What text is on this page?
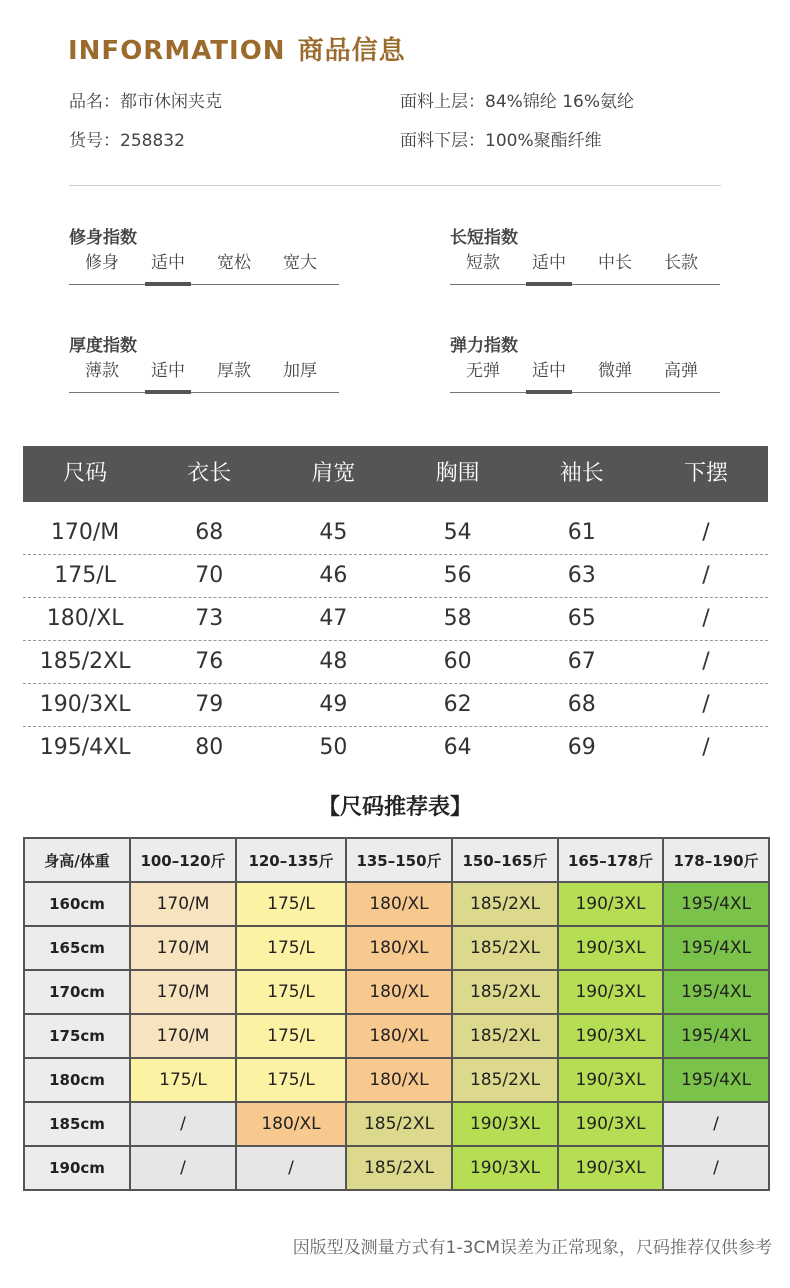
INFORMATION 商品信息
品名：都市休闲夹克	面料上层：84%锦纶 16%氨纶
货号：258832	面料下层：100%聚酯纤维
修身指数
修身	适中	宽松	宽大
长短指数
短款	适中	中长	长款
厚度指数
薄款	适中	厚款	加厚
弹力指数
无弹	适中	微弹	高弹
尺码	衣长	肩宽	胸围	袖长	下摆
170/M	68	45	54	61	/
175/L	70	46	56	63	/
180/XL	73	47	58	65	/
185/2XL	76	48	60	67	/
190/3XL	79	49	62	68	/
195/4XL	80	50	64	69	/
【尺码推荐表】
身高/体重	100–120斤	120–135斤	135–150斤	150–165斤	165–178斤	178–190斤
160cm	170/M	175/L	180/XL	185/2XL	190/3XL	195/4XL
165cm	170/M	175/L	180/XL	185/2XL	190/3XL	195/4XL
170cm	170/M	175/L	180/XL	185/2XL	190/3XL	195/4XL
175cm	170/M	175/L	180/XL	185/2XL	190/3XL	195/4XL
180cm	175/L	175/L	180/XL	185/2XL	190/3XL	195/4XL
185cm	/	180/XL	185/2XL	190/3XL	190/3XL	/
190cm	/	/	185/2XL	190/3XL	190/3XL	/
因版型及测量方式有1-3CM误差为正常现象，尺码推荐仅供参考
